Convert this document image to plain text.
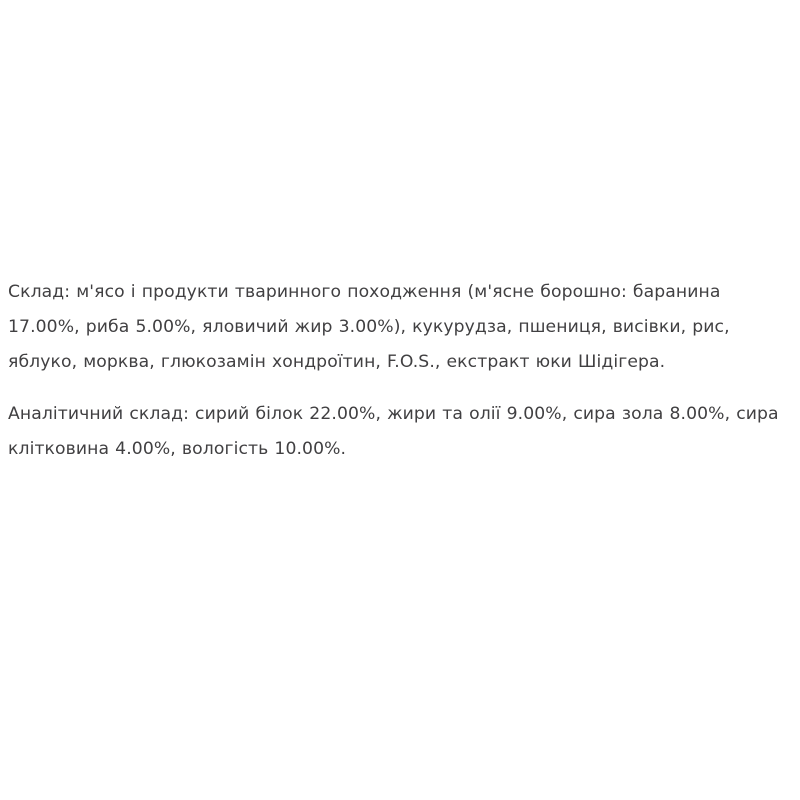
Склад: м'ясо і продукти тваринного походження (м'ясне борошно: баранина 17.00%, риба 5.00%, яловичий жир 3.00%), кукурудза, пшениця, висівки, рис, яблуко, морква, глюкозамін хондроїтин, F.O.S., екстракт юки Шідігера.

Аналітичний склад: сирий білок 22.00%, жири та олії 9.00%, сира зола 8.00%, сира клітковина 4.00%, вологість 10.00%.
